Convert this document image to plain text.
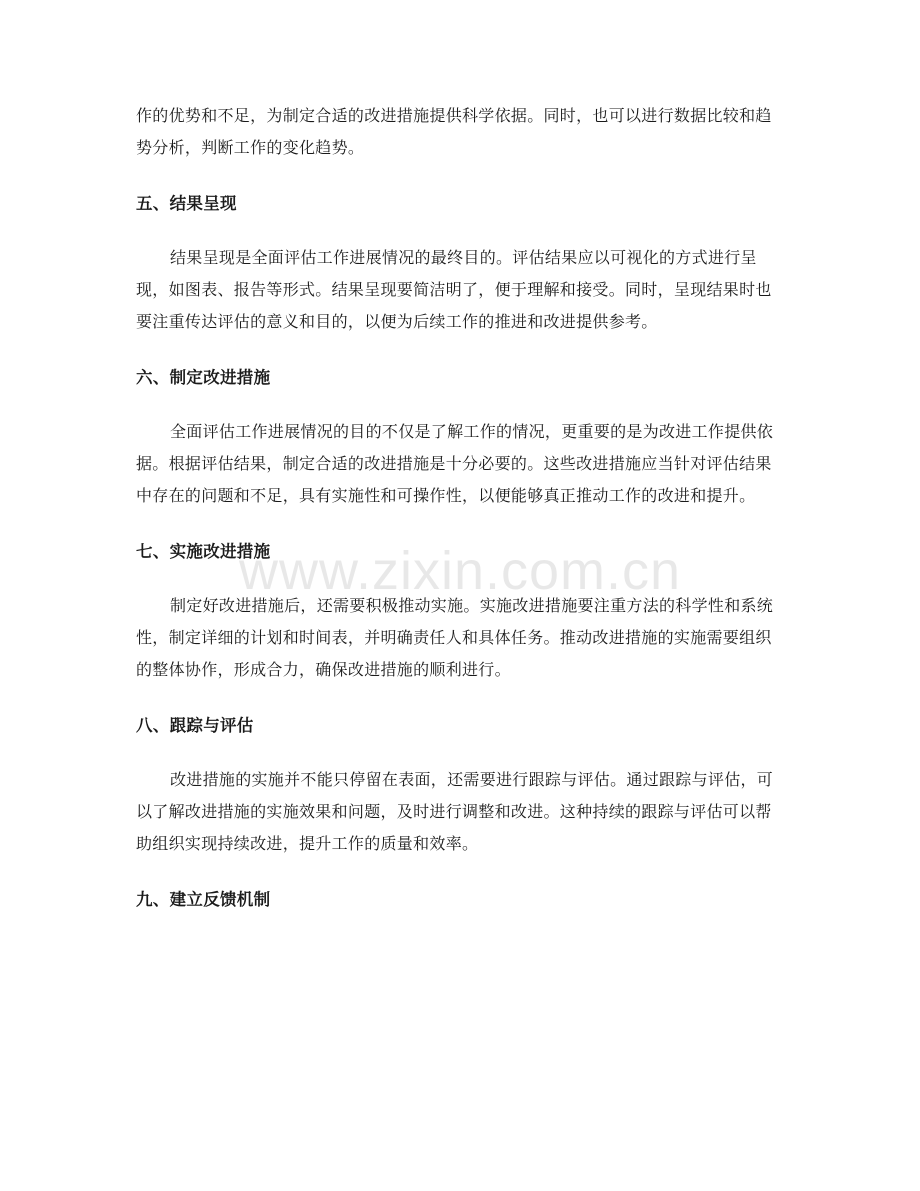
作的优势和不足，为制定合适的改进措施提供科学依据。同时，也可以进行数据比较和趋势分析，判断工作的变化趋势。

五、结果呈现

结果呈现是全面评估工作进展情况的最终目的。评估结果应以可视化的方式进行呈现，如图表、报告等形式。结果呈现要简洁明了，便于理解和接受。同时，呈现结果时也要注重传达评估的意义和目的，以便为后续工作的推进和改进提供参考。

六、制定改进措施

全面评估工作进展情况的目的不仅是了解工作的情况，更重要的是为改进工作提供依据。根据评估结果，制定合适的改进措施是十分必要的。这些改进措施应当针对评估结果中存在的问题和不足，具有实施性和可操作性，以便能够真正推动工作的改进和提升。

七、实施改进措施

制定好改进措施后，还需要积极推动实施。实施改进措施要注重方法的科学性和系统性，制定详细的计划和时间表，并明确责任人和具体任务。推动改进措施的实施需要组织的整体协作，形成合力，确保改进措施的顺利进行。

八、跟踪与评估

改进措施的实施并不能只停留在表面，还需要进行跟踪与评估。通过跟踪与评估，可以了解改进措施的实施效果和问题，及时进行调整和改进。这种持续的跟踪与评估可以帮助组织实现持续改进，提升工作的质量和效率。

九、建立反馈机制
www.zixin.com.cn
